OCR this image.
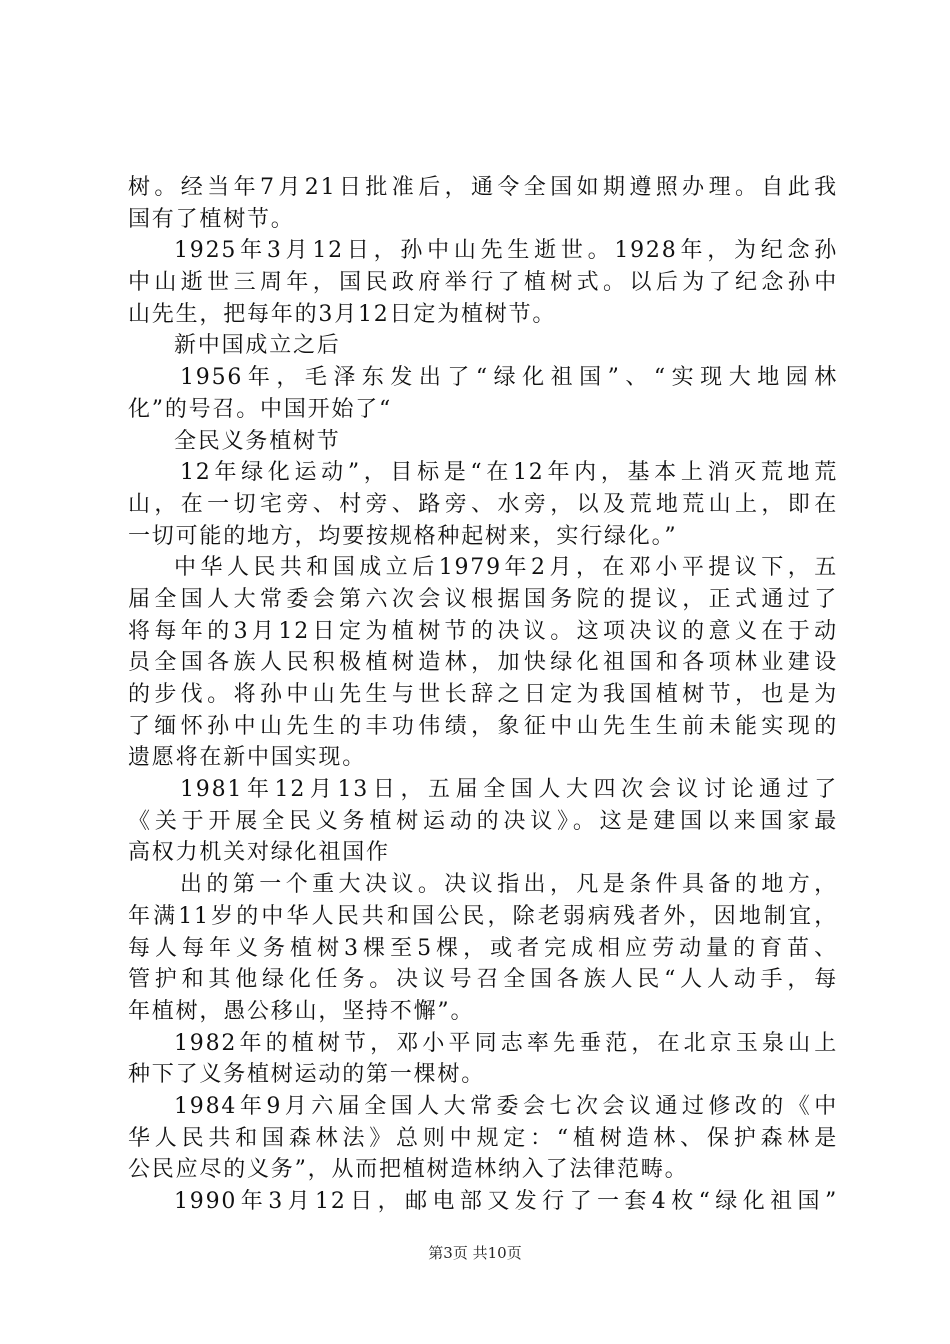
树。经当年7月21日批准后，通令全国如期遵照办理。自此我
国有了植树节。
1925年3月12日，孙中山先生逝世。1928年，为纪念孙
中山逝世三周年，国民政府举行了植树式。以后为了纪念孙中
山先生，把每年的3月12日定为植树节。
新中国成立之后
1956年，毛泽东发出了“绿化祖国”、“实现大地园林
化”的号召。中国开始了“
全民义务植树节
12年绿化运动”，目标是“在12年内，基本上消灭荒地荒
山，在一切宅旁、村旁、路旁、水旁，以及荒地荒山上，即在
一切可能的地方，均要按规格种起树来，实行绿化。”
中华人民共和国成立后1979年2月，在邓小平提议下，五
届全国人大常委会第六次会议根据国务院的提议，正式通过了
将每年的3月12日定为植树节的决议。这项决议的意义在于动
员全国各族人民积极植树造林，加快绿化祖国和各项林业建设
的步伐。将孙中山先生与世长辞之日定为我国植树节，也是为
了缅怀孙中山先生的丰功伟绩，象征中山先生生前未能实现的
遗愿将在新中国实现。
1981年12月13日，五届全国人大四次会议讨论通过了
《关于开展全民义务植树运动的决议》。这是建国以来国家最
高权力机关对绿化祖国作
出的第一个重大决议。决议指出，凡是条件具备的地方，
年满11岁的中华人民共和国公民，除老弱病残者外，因地制宜，
每人每年义务植树3棵至5棵，或者完成相应劳动量的育苗、
管护和其他绿化任务。决议号召全国各族人民“人人动手，每
年植树，愚公移山，坚持不懈”。
1982年的植树节，邓小平同志率先垂范，在北京玉泉山上
种下了义务植树运动的第一棵树。
1984年9月六届全国人大常委会七次会议通过修改的《中
华人民共和国森林法》总则中规定：“植树造林、保护森林是
公民应尽的义务”，从而把植树造林纳入了法律范畴。
1990年3月12日，邮电部又发行了一套4枚“绿化祖国”
第3页 共10页
